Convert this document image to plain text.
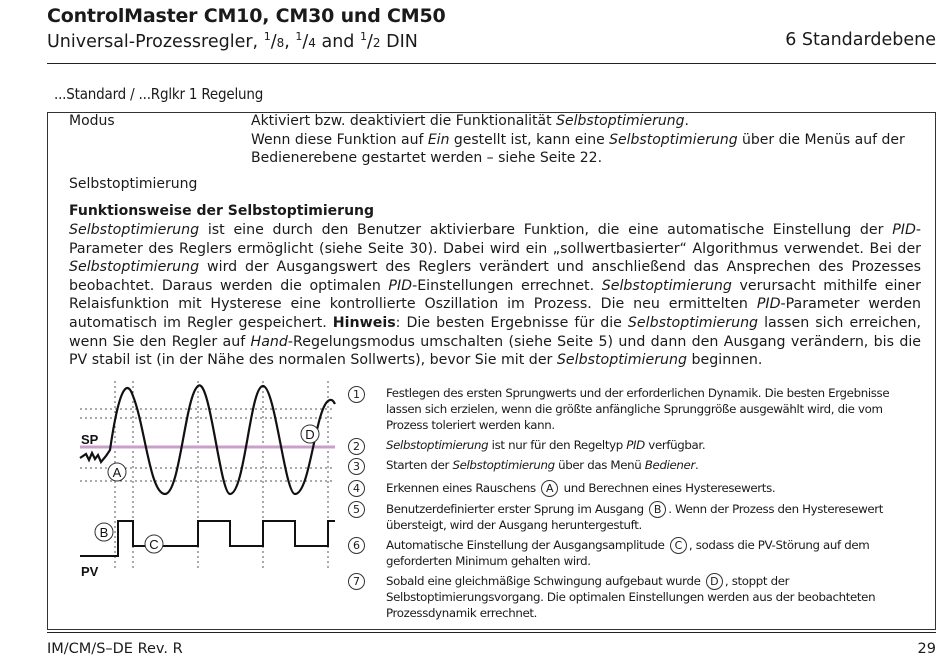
ControlMaster CM10, CM30 und CM50
Universal-Prozessregler, $^1$/8, $^1$/4 and $^1$/2 DIN	6 Standardebene
...Standard / ...Rglkr 1 Regelung
Modus	Aktiviert bzw. deaktiviert die Funktionalität Selbstoptimierung.
Wenn diese Funktion auf Ein gestellt ist, kann eine Selbstoptimierung über die Menüs auf der Bedienerebene gestartet werden – siehe Seite 22.
Selbstoptimierung
Funktionsweise der Selbstoptimierung
Selbstoptimierung ist eine durch den Benutzer aktivierbare Funktion, die eine automatische Einstellung der PID-Parameter des Reglers ermöglicht (siehe Seite 30). Dabei wird ein „sollwertbasierter“ Algorithmus verwendet. Bei der Selbstoptimierung wird der Ausgangswert des Reglers verändert und anschließend das Ansprechen des Prozesses beobachtet. Daraus werden die optimalen PID-Einstellungen errechnet. Selbstoptimierung verursacht mithilfe einer Relaisfunktion mit Hysterese eine kontrollierte Oszillation im Prozess. Die neu ermittelten PID-Parameter werden automatisch im Regler gespeichert. Hinweis: Die besten Ergebnisse für die Selbstoptimierung lassen sich erreichen, wenn Sie den Regler auf Hand-Regelungsmodus umschalten (siehe Seite 5) und dann den Ausgang verändern, bis die PV stabil ist (in der Nähe des normalen Sollwerts), bevor Sie mit der Selbstoptimierung beginnen.
SP
PV
A
B
C
D
1	Festlegen des ersten Sprungwerts und der erforderlichen Dynamik. Die besten Ergebnisse lassen sich erzielen, wenn die größte anfängliche Sprunggröße ausgewählt wird, die vom Prozess toleriert werden kann.
2	Selbstoptimierung ist nur für den Regeltyp PID verfügbar.
3	Starten der Selbstoptimierung über das Menü Bediener.
4	Erkennen eines Rauschens A und Berechnen eines Hysteresewerts.
5	Benutzerdefinierter erster Sprung im Ausgang B . Wenn der Prozess den Hysteresewert übersteigt, wird der Ausgang heruntergestuft.
6	Automatische Einstellung der Ausgangsamplitude C , sodass die PV-Störung auf dem geforderten Minimum gehalten wird.
7	Sobald eine gleichmäßige Schwingung aufgebaut wurde D , stoppt der Selbstoptimierungsvorgang. Die optimalen Einstellungen werden aus der beobachteten Prozessdynamik errechnet.
IM/CM/S–DE Rev. R	29
